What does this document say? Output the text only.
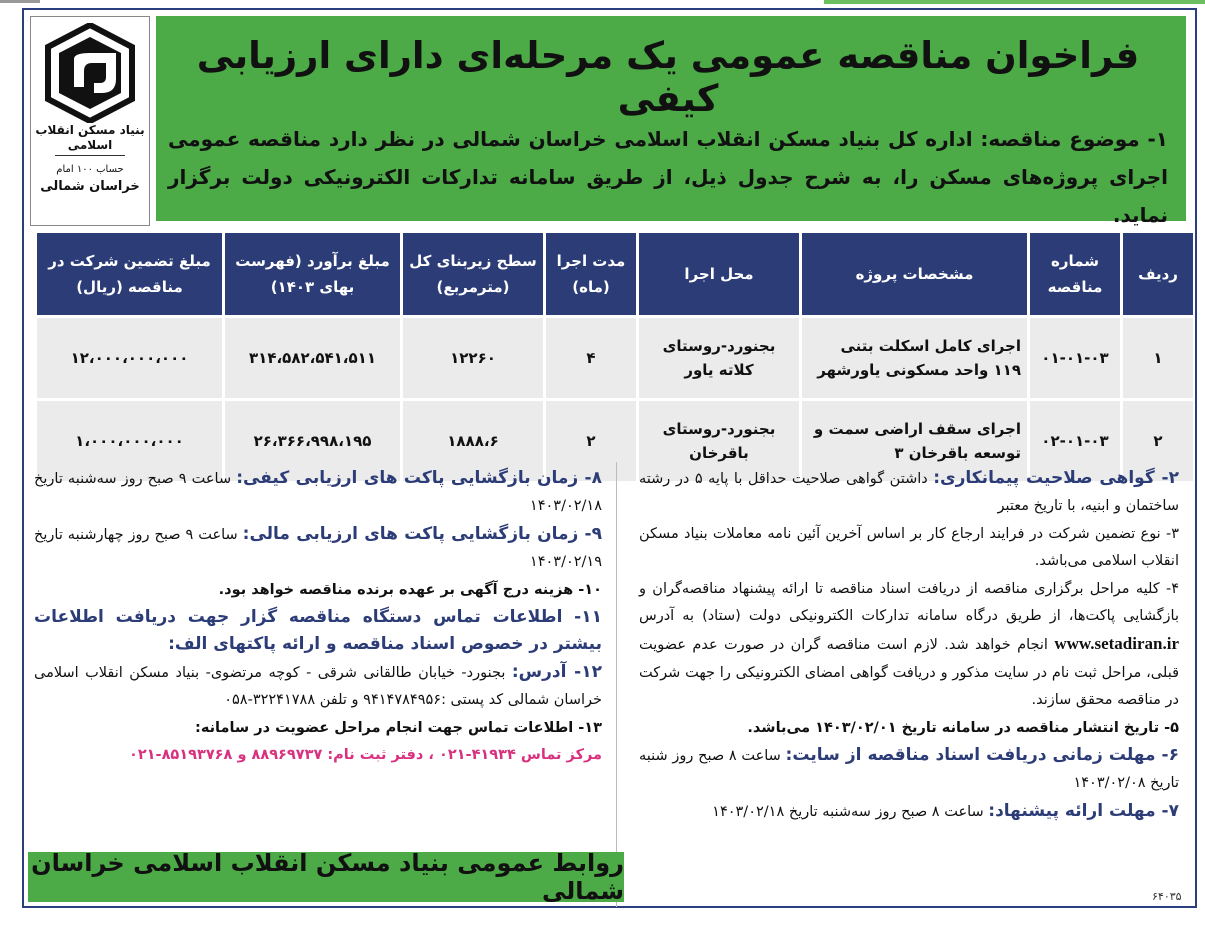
بنیاد مسکن انقلاب اسلامی
حساب ۱۰۰ امام
خراسان شمالی
فراخوان مناقصه عمومی یک مرحله‌ای دارای ارزیابی کیفی
۱- موضوع مناقصه: اداره کل بنیاد مسکن انقلاب اسلامی خراسان شمالی در نظر دارد مناقصه عمومی اجرای پروژه‌های مسکن را، به شرح جدول ذیل، از طریق سامانه تدارکات الکترونیکی دولت برگزار نماید.
ردیف	شماره مناقصه	مشخصات پروژه	محل اجرا	مدت اجرا (ماه)	سطح زیربنای کل (مترمربع)	مبلغ برآورد (فهرست بهای ۱۴۰۳)	مبلغ تضمین شرکت در مناقصه (ریال)
۱	۰۱-۰۱-۰۳	اجرای کامل اسکلت بتنی ۱۱۹ واحد مسکونی یاورشهر	بجنورد-روستای کلاته یاور	۴	۱۲۲۶۰	۳۱۴،۵۸۲،۵۴۱،۵۱۱	۱۲،۰۰۰،۰۰۰،۰۰۰
۲	۰۲-۰۱-۰۳	اجرای سقف اراضی سمت و توسعه باقرخان ۳	بجنورد-روستای باقرخان	۲	۱۸۸۸،۶	۲۶،۳۶۶،۹۹۸،۱۹۵	۱،۰۰۰،۰۰۰،۰۰۰

۲- گواهی صلاحیت پیمانکاری: داشتن گواهی صلاحیت حداقل با پایه ۵ در رشته ساختمان و ابنیه، با تاریخ معتبر

۳- نوع تضمین شرکت در فرایند ارجاع کار بر اساس آخرین آئین نامه معاملات بنیاد مسکن انقلاب اسلامی می‌باشد.

۴- کلیه مراحل برگزاری مناقصه از دریافت اسناد مناقصه تا ارائه پیشنهاد مناقصه‌گران و بازگشایی پاکت‌ها، از طریق درگاه سامانه تدارکات الکترونیکی دولت (ستاد) به آدرس www.setadiran.ir انجام خواهد شد. لازم است مناقصه گران در صورت عدم عضویت قبلی، مراحل ثبت نام در سایت مذکور و دریافت گواهی امضای الکترونیکی را جهت شرکت در مناقصه محقق سازند.

۵- تاریخ انتشار مناقصه در سامانه تاریخ ۱۴۰۳/۰۲/۰۱ می‌باشد.

۶- مهلت زمانی دریافت اسناد مناقصه از سایت: ساعت ۸ صبح روز شنبه تاریخ ۱۴۰۳/۰۲/۰۸

۷- مهلت ارائه پیشنهاد: ساعت ۸ صبح روز سه‌شنبه تاریخ ۱۴۰۳/۰۲/۱۸

۸- زمان بازگشایی پاکت های ارزیابی کیفی: ساعت ۹ صبح روز سه‌شنبه تاریخ ۱۴۰۳/۰۲/۱۸

۹- زمان بازگشایی پاکت های ارزیابی مالی: ساعت ۹ صبح روز چهارشنبه تاریخ ۱۴۰۳/۰۲/۱۹

۱۰- هزینه درج آگهی بر عهده برنده مناقصه خواهد بود.

۱۱- اطلاعات تماس دستگاه مناقصه گزار جهت دریافت اطلاعات بیشتر در خصوص اسناد مناقصه و ارائه پاکتهای الف:

۱۲- آدرس: بجنورد- خیابان طالقانی شرقی - کوچه مرتضوی- بنیاد مسکن انقلاب اسلامی خراسان شمالی کد پستی :۹۴۱۴۷۸۴۹۵۶ و تلفن ۳۲۲۴۱۷۸۸-۰۵۸

۱۳- اطلاعات تماس جهت انجام مراحل عضویت در سامانه:

مرکز تماس ۴۱۹۳۴-۰۲۱ ، دفتر ثبت نام: ۸۸۹۶۹۷۳۷ و ۸۵۱۹۳۷۶۸-۰۲۱

روابط عمومی بنیاد مسکن انقلاب اسلامی خراسان شمالی	۶۴۰۳۵
